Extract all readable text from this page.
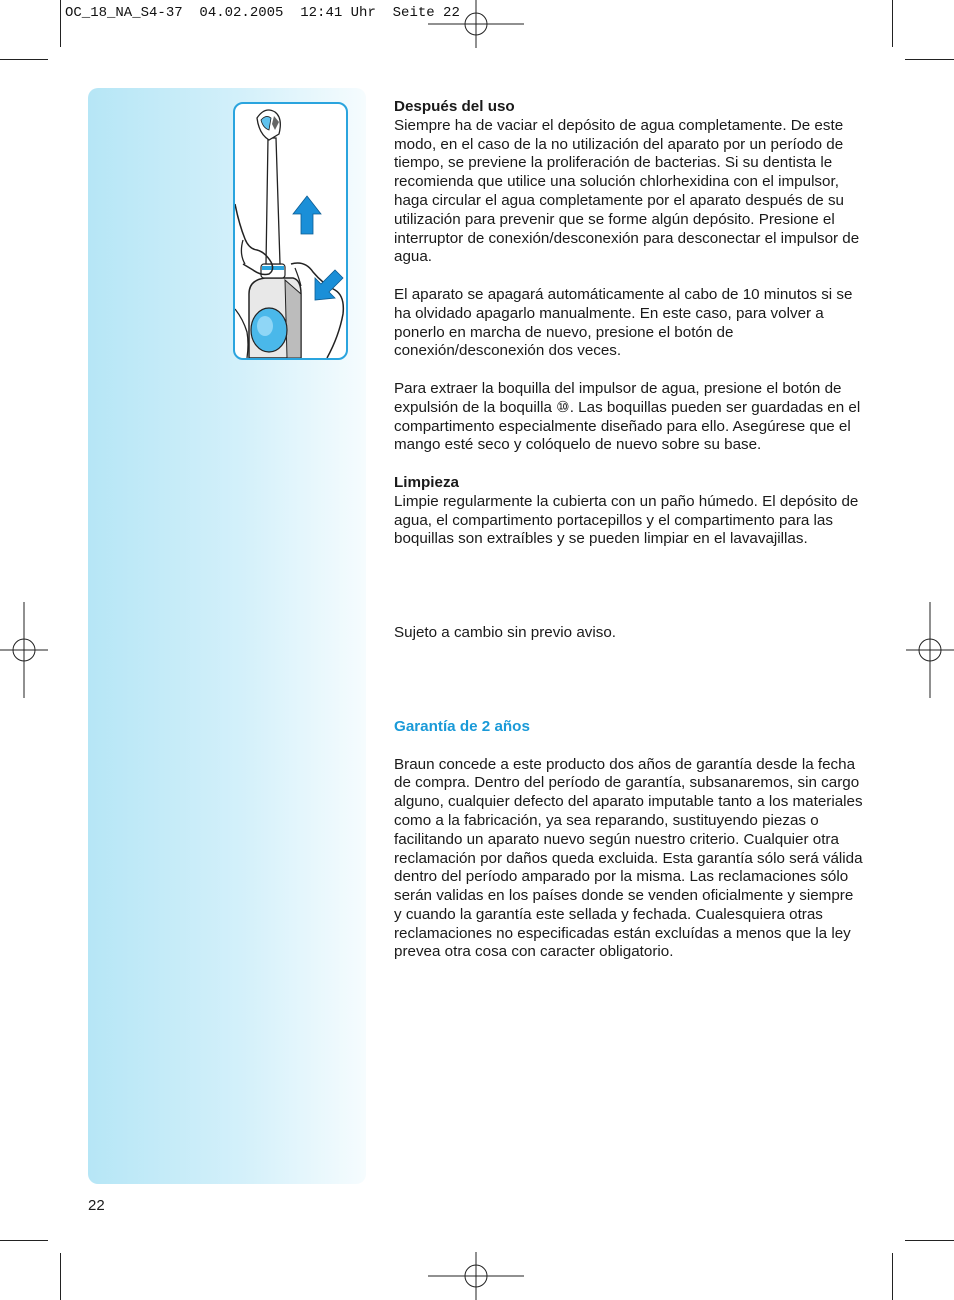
OC_18_NA_S4-37  04.02.2005  12:41 Uhr  Seite 22

Después del uso

Siempre ha de vaciar el depósito de agua completamente. De este modo, en el caso de la no utilización del aparato por un período de tiempo, se previene la proliferación de bacterias. Si su dentista le recomienda que utilice una solución chlorhexidina con el impulsor, haga circular el agua completamente por el aparato después de su utilización para prevenir que se forme algún depósito. Presione el interruptor de conexión/desconexión para desconectar el impulsor de agua.

El aparato se apagará automáticamente al cabo de 10 minutos si se ha olvidado apagarlo manualmente. En este caso, para volver a ponerlo en marcha de nuevo, presione el botón de conexión/desconexión dos veces.

Para extraer la boquilla del impulsor de agua, presione el botón de expulsión de la boquilla ⑩. Las boquillas pueden ser guardadas en el compartimento especialmente diseñado para ello. Asegúrese que el mango esté seco y colóquelo de nuevo sobre su base.

Limpieza

Limpie regularmente la cubierta con un paño húmedo. El depósito de agua, el compartimento portacepillos y el compartimento para las boquillas son extraíbles y se pueden limpiar en el lavavajillas.

Sujeto a cambio sin previo aviso.

Garantía de 2 años

Braun concede a este producto dos años de garantía desde la fecha de compra. Dentro del período de garantía, subsanaremos, sin cargo alguno, cualquier defecto del aparato imputable tanto a los materiales como a la fabricación, ya sea reparando, sustituyendo piezas o facilitando un aparato nuevo según nuestro criterio. Cualquier otra reclamación por daños queda excluida. Esta garantía sólo será válida dentro del período amparado por la misma. Las reclamaciones sólo serán validas en los países donde se venden oficialmente y siempre y cuando la garantía este sellada y fechada. Cualesquiera otras reclamaciones no especificadas están excluídas a menos que la ley prevea otra cosa con caracter obligatorio.

22
